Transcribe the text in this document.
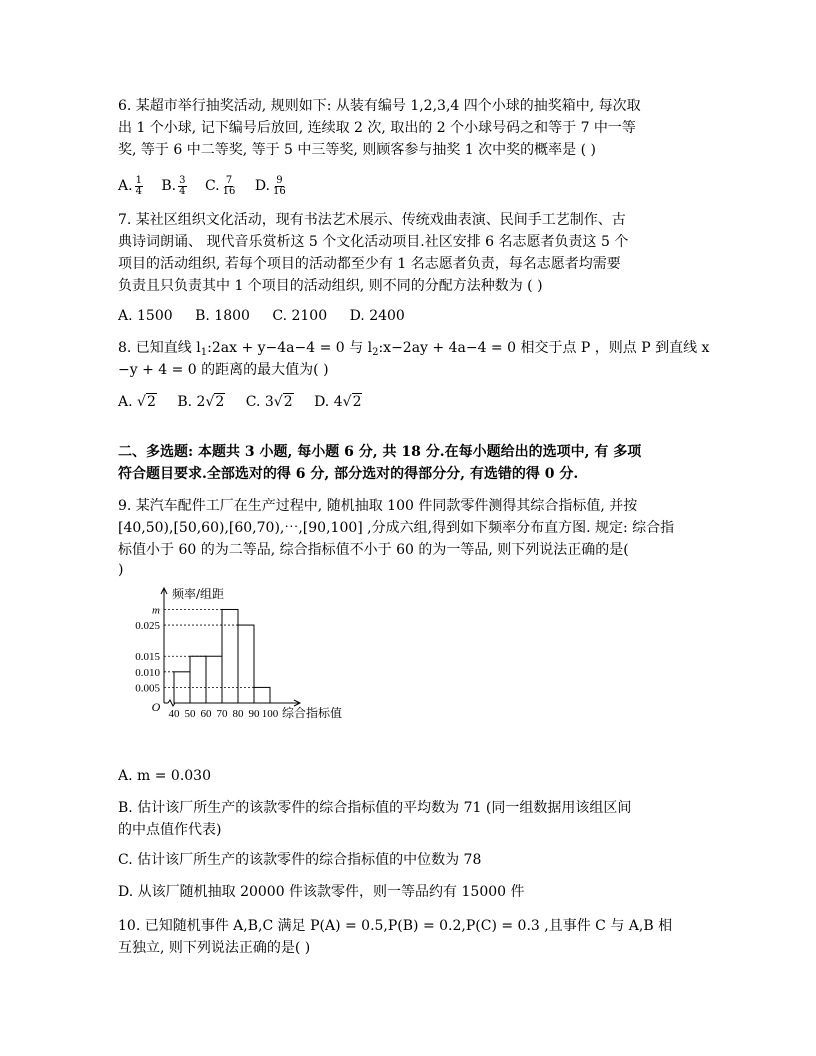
6. 某超市举行抽奖活动, 规则如下: 从装有编号 1,2,3,4 四个小球的抽奖箱中, 每次取
出 1 个小球, 记下编号后放回, 连续取 2 次, 取出的 2 个小球号码之和等于 7 中一等
奖, 等于 6 中二等奖, 等于 5 中三等奖, 则顾客参与抽奖 1 次中奖的概率是 ( )
A. $\frac{1}{4} B$. $\frac{3}{4} C$. $\frac{7}{16} D$. $\frac{9}{16}$
7. 某社区组织文化活动，现有书法艺术展示、传统戏曲表演、民间手工艺制作、古
典诗词朗诵、 现代音乐赏析这 5 个文化活动项目.社区安排 6 名志愿者负责这 5 个
项目的活动组织, 若每个项目的活动都至少有 1 名志愿者负责，每名志愿者均需要
负责且只负责其中 1 个项目的活动组织, 则不同的分配方法种数为 ( )
A. 1500 B. 1800 C. 2100 D. 2400
8. 已知直线 $l_1:2ax + y-4a-4 = 0$ 与 $l_2:x-2ay + 4a-4 = 0$ 相交于点 P ，则点 P 到直线 x
−y + 4 = 0 的距离的最大值为( )
A. √2 B. 2√2 C. 3√2 D. 4√2
二、多选题: 本题共 3 小题, 每小题 6 分, 共 18 分.在每小题给出的选项中, 有 多项
符合题目要求.全部选对的得 6 分, 部分选对的得部分分, 有选错的得 0 分.
9. 某汽车配件工厂在生产过程中, 随机抽取 100 件同款零件测得其综合指标值, 并按
[40,50),[50,60),[60,70),⋯,[90,100] ,分成六组,得到如下频率分布直方图. 规定: 综合指
标值小于 60 的为二等品, 综合指标值不小于 60 的为一等品, 则下列说法正确的是(
)
0.005
0.010
0.015
0.025
m
40 50 60 70 80 90 100
O
频率/组距
综合指标值
A. m = 0.030
B. 估计该厂所生产的该款零件的综合指标值的平均数为 71 (同一组数据用该组区间
的中点值作代表)
C. 估计该厂所生产的该款零件的综合指标值的中位数为 78
D. 从该厂随机抽取 20000 件该款零件，则一等品约有 15000 件
10. 已知随机事件 A,B,C 满足 P(A) = 0.5,P(B) = 0.2,P(C) = 0.3 ,且事件 C 与 A,B 相
互独立, 则下列说法正确的是( )
